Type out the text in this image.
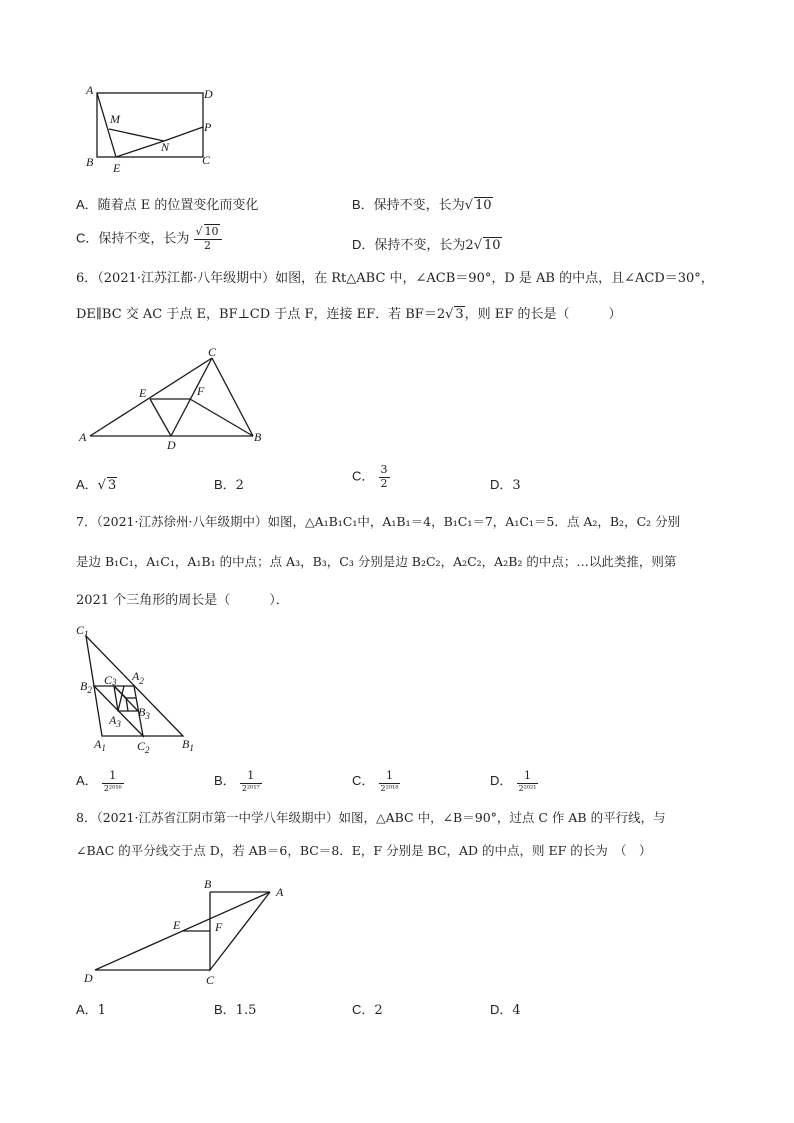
A	D
M
P
N
B E
C
A．随着点 E 的位置变化而变化	B．保持不变，长为√ 10
C．保持不变，长为 $\frac{√ 10}{2}$	D．保持不变，长为2√ 10
6．（2021·江苏江都·八年级期中）如图，在 Rt△ABC 中，∠ACB＝90°，D 是 AB 的中点，且∠ACD＝30°，
DE∥BC 交 AC 于点 E，BF⊥CD 于点 F，连接 EF．若 BF＝2√ 3，则 EF 的长是（　　　）
C
E	F
A
D
B
A．√ 3	B．2
C． $\frac{3}{2}$	D．3
7．（2021·江苏徐州·八年级期中）如图，△A₁B₁C₁中，A₁B₁＝4，B₁C₁＝7，A₁C₁＝5．点 A₂，B₂，C₂ 分别
是边 B₁C₁，A₁C₁，A₁B₁ 的中点；点 A₃，B₃，C₃ 分别是边 B₂C₂，A₂C₂，A₂B₂ 的中点；…以此类推，则第
2021 个三角形的周长是（　　　）．
$C_1$
$B_2$
C3 $A_2$
$B_3$
$A_3$
$A_1$	$C_2$	$B_1$
A． $\frac{1}{\text{2²⁰¹⁶}}$	B． $\frac{1}{\text{2²⁰¹⁷}}$	C． $\frac{1}{\text{2²⁰¹⁸}}$	D． $\frac{1}{\text{2²⁰²¹}}$
8．（2021·江苏省江阴市第一中学八年级期中）如图，△ABC 中，∠B＝90°，过点 C 作 AB 的平行线，与
∠BAC 的平分线交于点 D，若 AB＝6，BC＝8．E，F 分别是 BC，AD 的中点，则 EF 的长为　（　）
B
A
E	F
D	C
A．1	B．1.5	C．2	D．4
